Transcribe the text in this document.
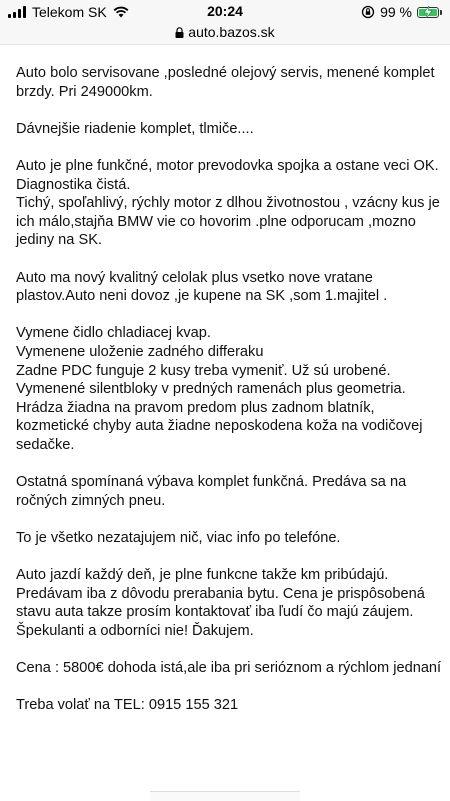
Telekom SK	20:24	99 %
auto.bazos.sk

Auto bolo servisovane ,posledné olejový servis, menené komplet brzdy. Pri 249000km.

Dávnejšie riadenie komplet, tlmiče....

Auto je plne funkčné, motor prevodovka spojka a ostane veci OK. Diagnostika čistá.
Tichý, spoľahlivý, rýchly motor z dlhou životnostou , vzácny kus je ich málo,stajňa BMW vie co hovorim .plne odporucam ,mozno jediny na SK.

Auto ma nový kvalitný celolak plus vsetko nove vratane plastov.Auto neni dovoz ,je kupene na SK ,som 1.majitel .

Vymene čidlo chladiacej kvap.
Vymenene uloženie zadného differaku
Zadne PDC funguje 2 kusy treba vymeniť. Už sú urobené.
Vymenené silentbloky v predných ramenách plus geometria.
Hrádza žiadna na pravom predom plus zadnom blatník, kozmetické chyby auta žiadne neposkodena koža na vodičovej sedačke.

Ostatná spomínaná výbava komplet funkčná. Predáva sa na ročných zimných pneu.

To je všetko nezatajujem nič, viac info po telefóne.

Auto jazdí každý deň, je plne funkcne takže km pribúdajú. Predávam iba z dôvodu prerabania bytu. Cena je prispôsobená stavu auta takze prosím kontaktovať iba ľudí čo majú záujem. Špekulanti a odborníci nie! Ďakujem.

Cena : 5800€ dohoda istá,ale iba pri serióznom a rýchlom jednaní

Treba volať na TEL: 0915 155 321
